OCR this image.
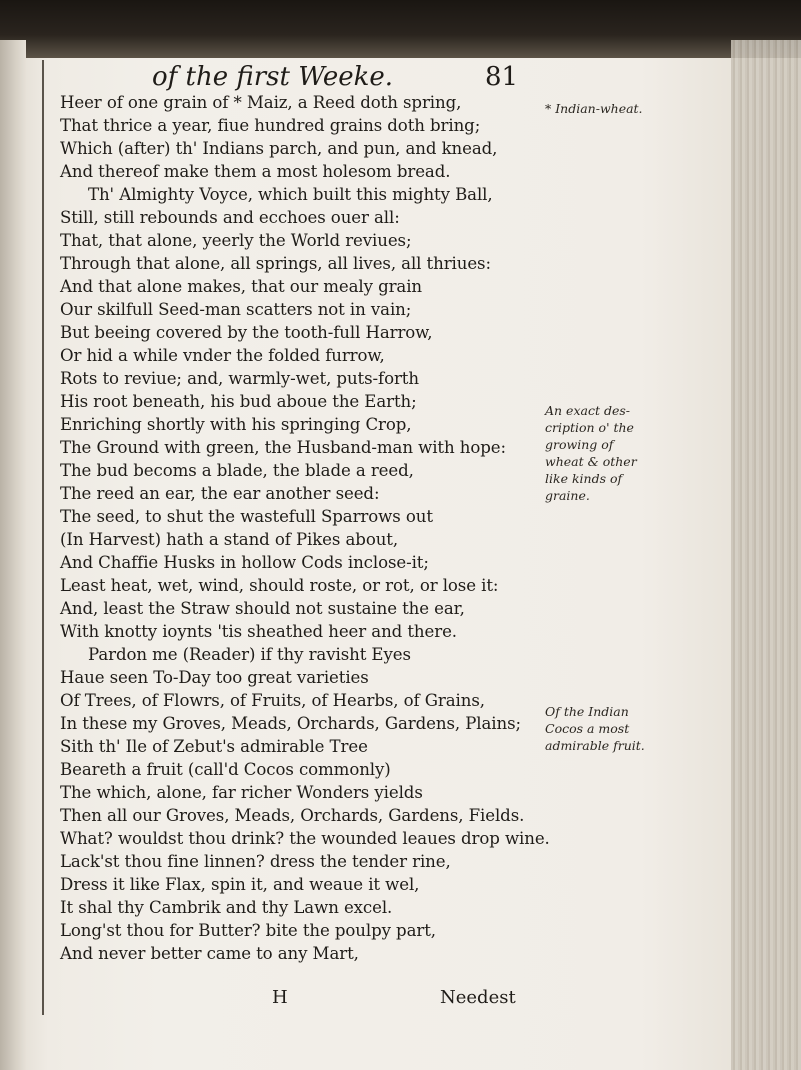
of the first Weeke.	81
* Indian-wheat.
An exact des-
cription o' the
growing of
wheat & other
like kinds of
graine.
Of the Indian
Cocos a most
admirable fruit.
Heer of one grain of * Maiz, a Reed doth spring,
That thrice a year, fiue hundred grains doth bring;
Which (after) th' Indians parch, and pun, and knead,
And thereof make them a most holesom bread.
Th' Almighty Voyce, which built this mighty Ball,
Still, still rebounds and ecchoes ouer all:
That, that alone, yeerly the World reviues;
Through that alone, all springs, all lives, all thriues:
And that alone makes, that our mealy grain
Our skilfull Seed-man scatters not in vain;
But beeing covered by the tooth-full Harrow,
Or hid a while vnder the folded furrow,
Rots to reviue; and, warmly-wet, puts-forth
His root beneath, his bud aboue the Earth;
Enriching shortly with his springing Crop,
The Ground with green, the Husband-man with hope:
The bud becoms a blade, the blade a reed,
The reed an ear, the ear another seed:
The seed, to shut the wastefull Sparrows out
(In Harvest) hath a stand of Pikes about,
And Chaffie Husks in hollow Cods inclose-it;
Least heat, wet, wind, should roste, or rot, or lose it:
And, least the Straw should not sustaine the ear,
With knotty ioynts 'tis sheathed heer and there.
Pardon me (Reader) if thy ravisht Eyes
Haue seen To-Day too great varieties
Of Trees, of Flowrs, of Fruits, of Hearbs, of Grains,
In these my Groves, Meads, Orchards, Gardens, Plains;
Sith th' Ile of Zebut's admirable Tree
Beareth a fruit (call'd Cocos commonly)
The which, alone, far richer Wonders yields
Then all our Groves, Meads, Orchards, Gardens, Fields.
What? wouldst thou drink? the wounded leaues drop wine.
Lack'st thou fine linnen? dress the tender rine,
Dress it like Flax, spin it, and weaue it wel,
It shal thy Cambrik and thy Lawn excel.
Long'st thou for Butter? bite the poulpy part,
And never better came to any Mart,
H	Needest
